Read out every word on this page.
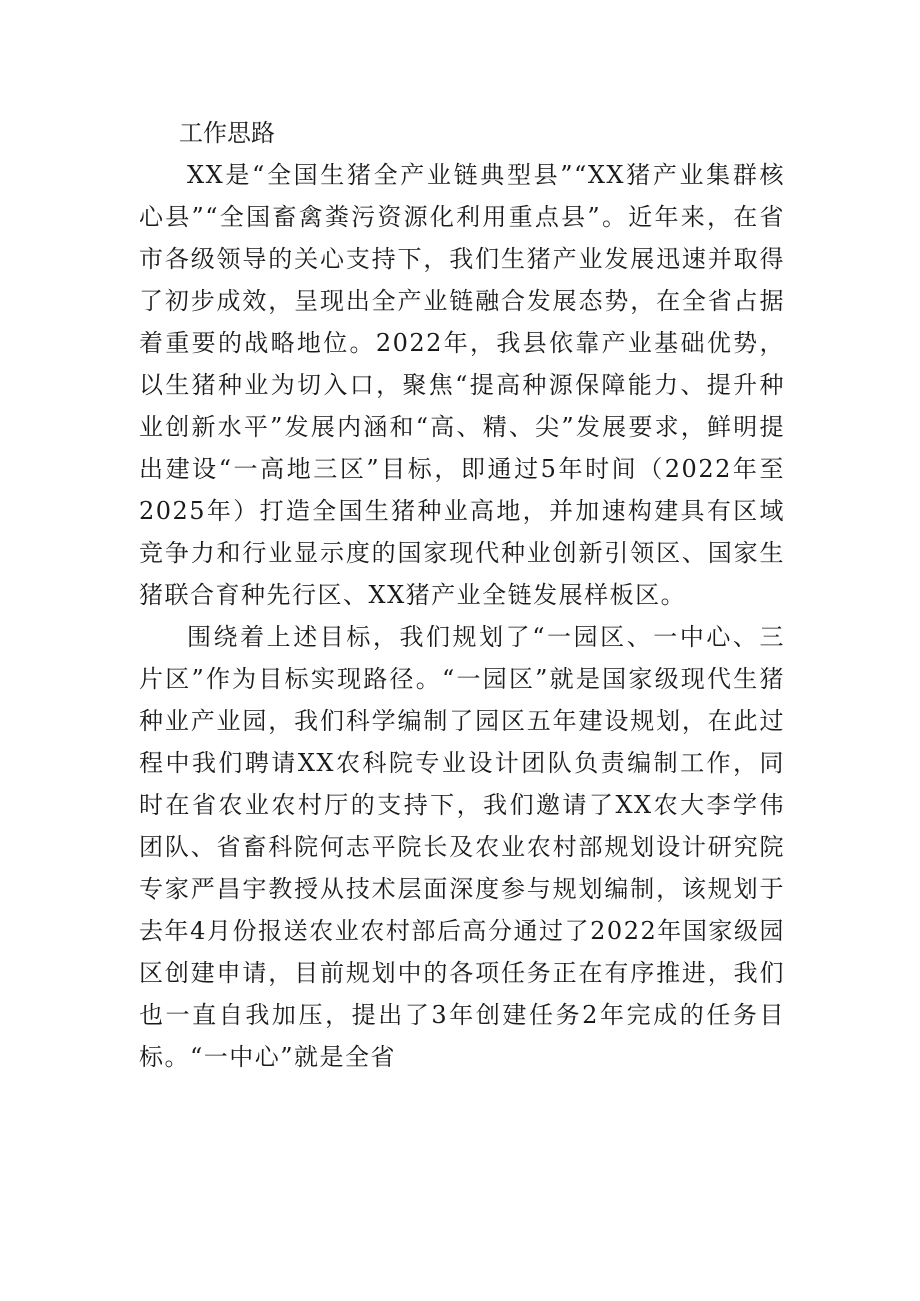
工作思路

XX是“全国生猪全产业链典型县”“XX猪产业集群核心县”“全国畜禽粪污资源化利用重点县”。近年来，在省市各级领导的关心支持下，我们生猪产业发展迅速并取得了初步成效，呈现出全产业链融合发展态势，在全省占据着重要的战略地位。2022年，我县依靠产业基础优势，以生猪种业为切入口，聚焦“提高种源保障能力、提升种业创新水平”发展内涵和“高、精、尖”发展要求，鲜明提出建设“一高地三区”目标，即通过5年时间（2022年至2025年）打造全国生猪种业高地，并加速构建具有区域竞争力和行业显示度的国家现代种业创新引领区、国家生猪联合育种先行区、XX猪产业全链发展样板区。

围绕着上述目标，我们规划了“一园区、一中心、三片区”作为目标实现路径。“一园区”就是国家级现代生猪种业产业园，我们科学编制了园区五年建设规划，在此过程中我们聘请XX农科院专业设计团队负责编制工作，同时在省农业农村厅的支持下，我们邀请了XX农大李学伟团队、省畜科院何志平院长及农业农村部规划设计研究院专家严昌宇教授从技术层面深度参与规划编制，该规划于去年4月份报送农业农村部后高分通过了2022年国家级园区创建申请，目前规划中的各项任务正在有序推进，我们也一直自我加压，提出了3年创建任务2年完成的任务目标。“一中心”就是全省
